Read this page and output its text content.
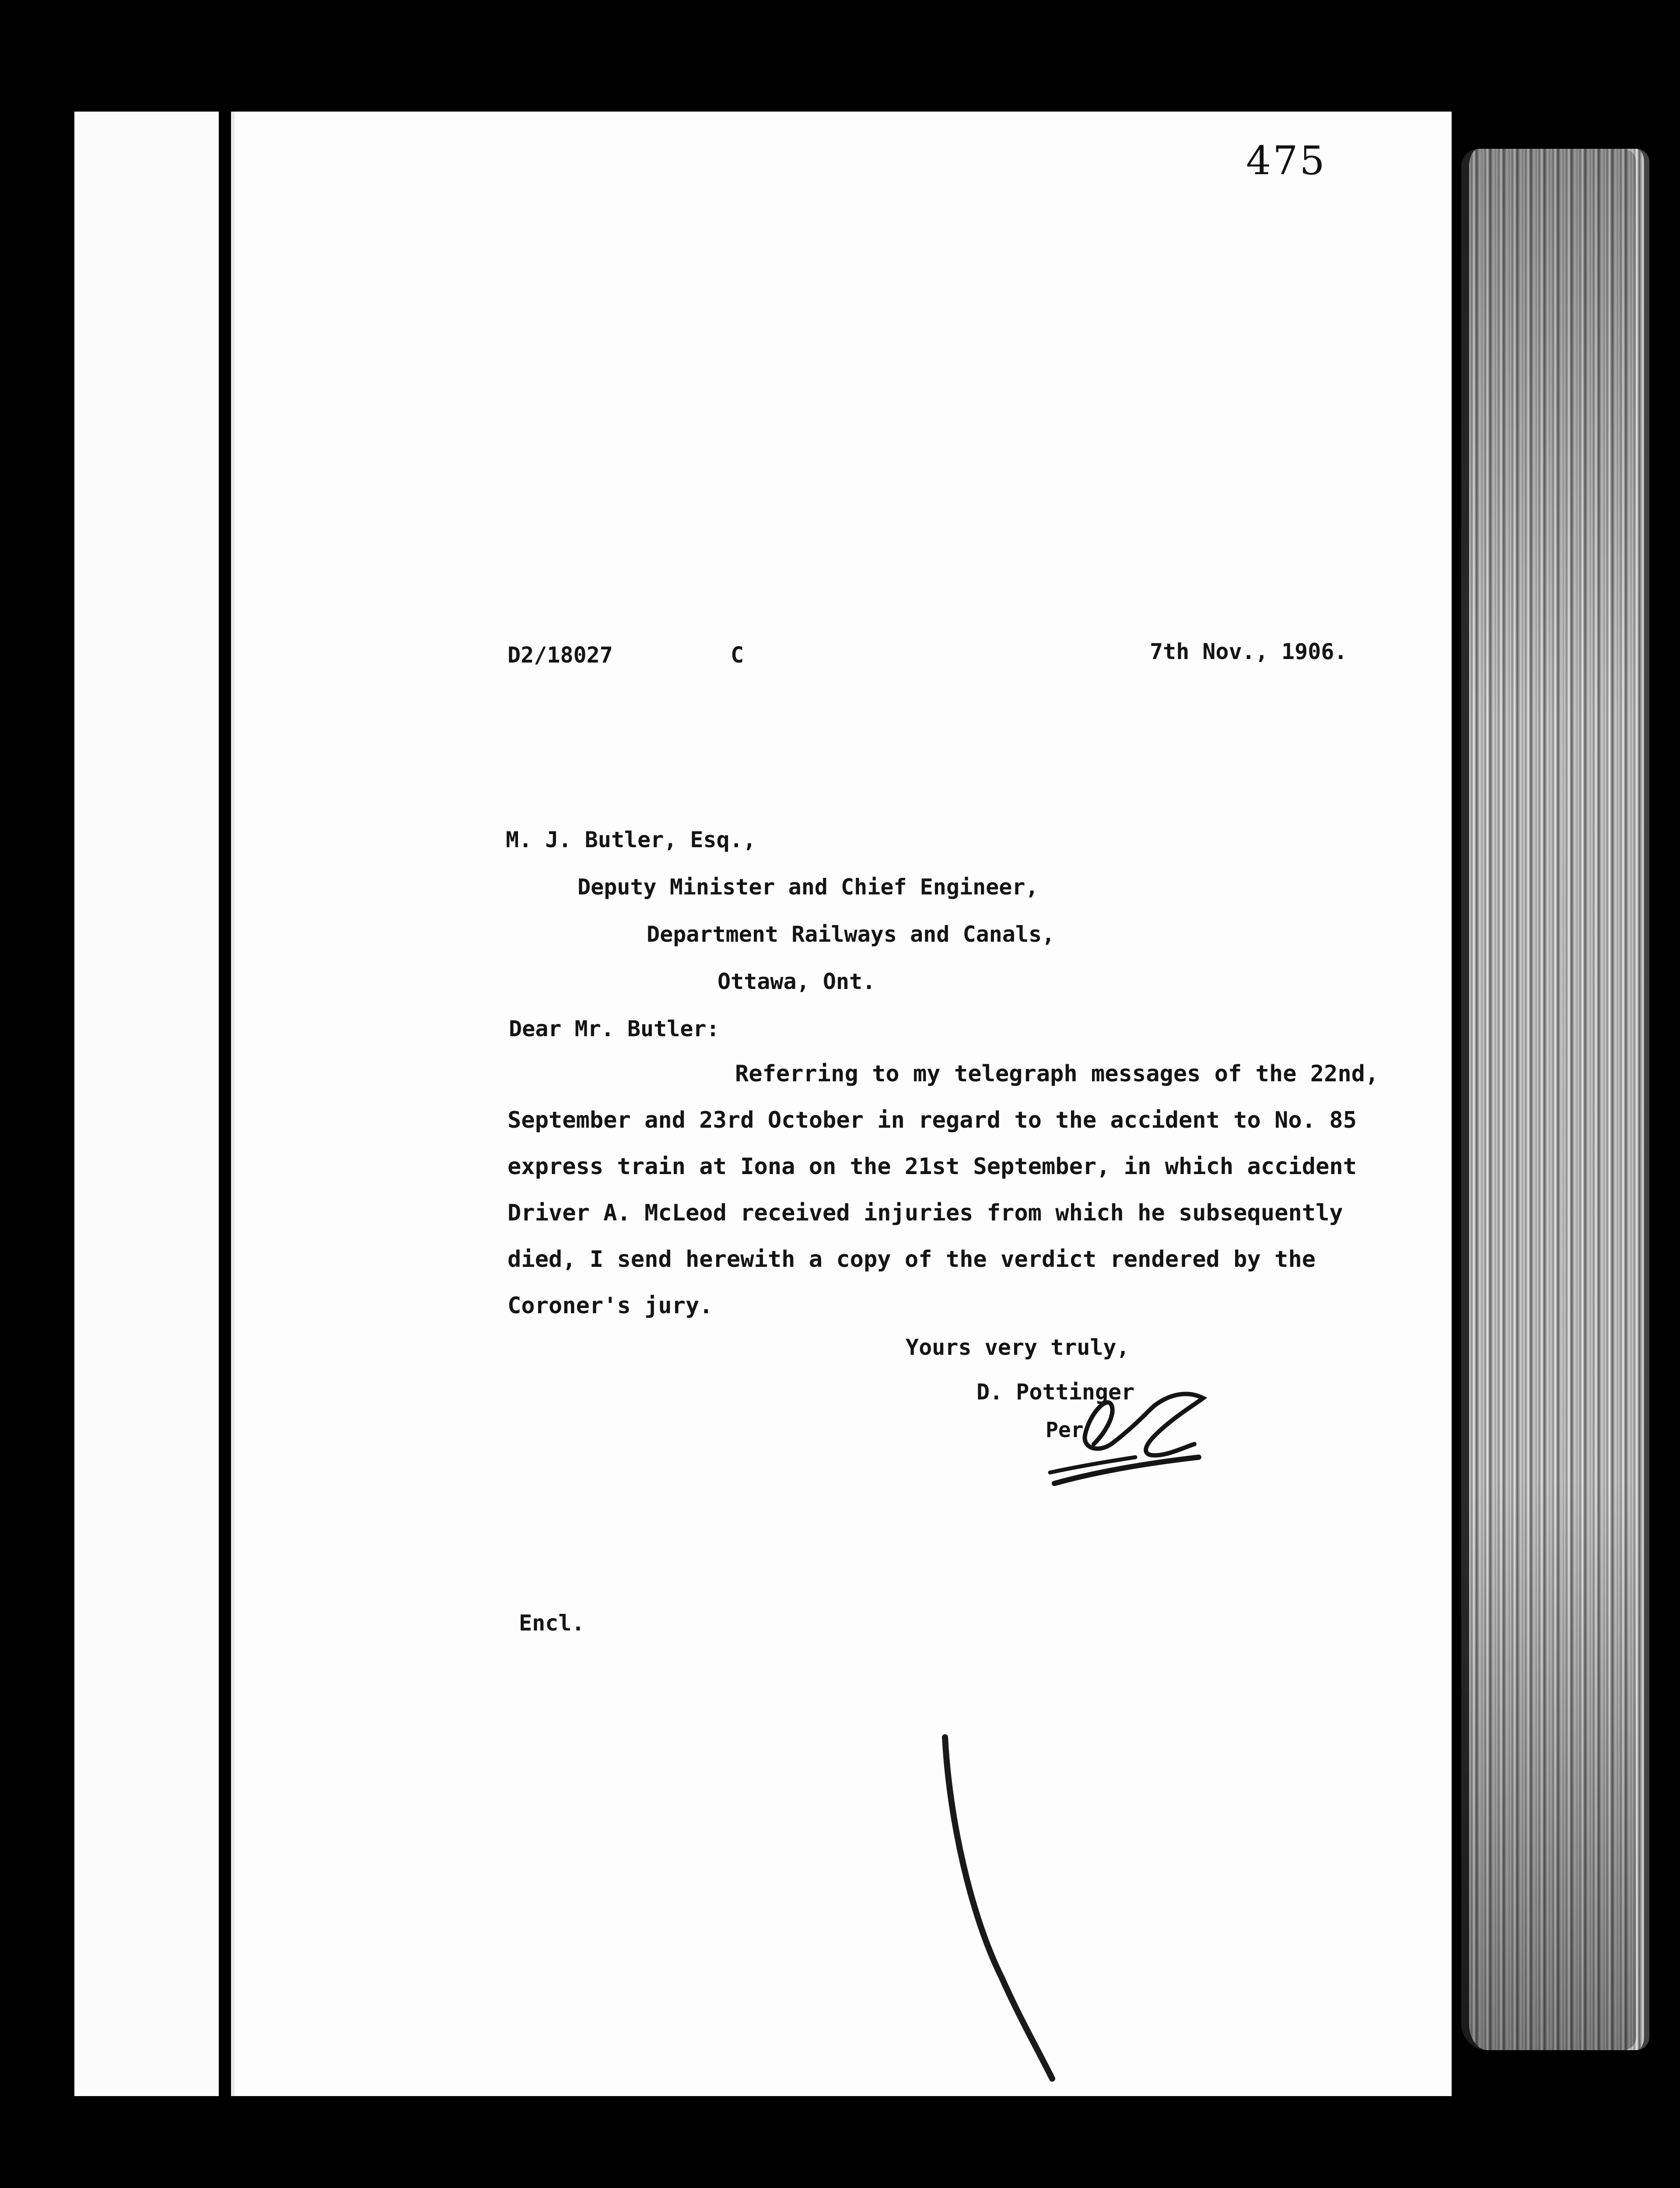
475
D2/18027	C	7th Nov., 1906.
M. J. Butler, Esq.,
Deputy Minister and Chief Engineer,
Department Railways and Canals,
Ottawa, Ont.
Dear Mr. Butler:
Referring to my telegraph messages of the 22nd,
September and 23rd October in regard to the accident to No. 85
express train at Iona on the 21st September, in which accident
Driver A. McLeod received injuries from which he subsequently
died, I send herewith a copy of the verdict rendered by the
Coroner's jury.
Yours very truly,
D. Pottinger
Per
Encl.
